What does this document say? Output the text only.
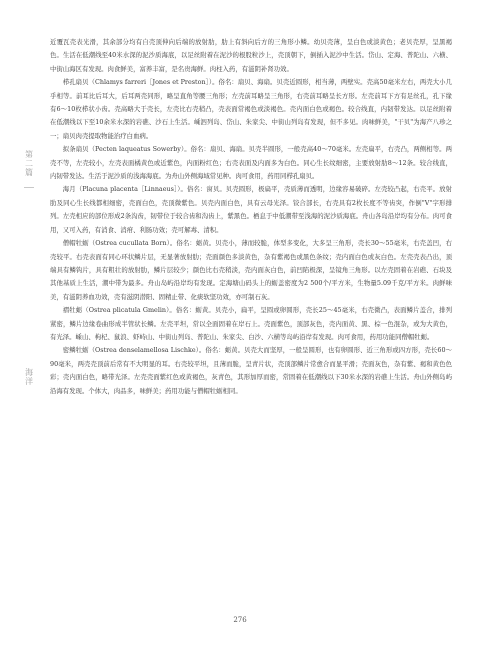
第二篇
海洋

近覆瓦壳表光滑，其余部分均有自壳顶伸向后端的放射肋，肋上有斜向后方的三角形小鳞。幼贝壳薄，呈白色或淡黄色；老贝壳厚，呈黑褐色。生活在低潮线至40米水深的泥沙质海底，以足丝附着在泥沙的根股粒沙上，壳顶朝下，倒插入泥沙中生活。岱山、定海、普陀山、六横、中街山海区有发现。肉食鲜美，富养丰富，是名贵海鲜。肉柱入药，有滋阴补肾功效。

栉孔扇贝（Chlamys farreri［Jones et Preston］）。俗名：扇贝、海扇。贝壳近圆形，相当薄，两壁实。壳高50毫米左右，两壳大小几乎相等。前耳比后耳大，后耳两壳同形，略呈直角等腰三角形；左壳前耳略呈三角形，右壳前耳略呈长方形。左壳前耳下方有足丝孔，孔下缘有6～10枚栉状小齿。壳高略大于壳长，左壳比右壳稍凸，壳表面常褐色或淡褐色。壳内面白色或褐色。较合线直，内韧带发达。以足丝附着在低潮线以下至10余米水深的岩礁、沙石上生活。嵊泗列岛、岱山、朱家尖、中街山列岛有发现，但不多见。肉味鲜美，"干贝"为海产八珍之一；扇贝肉壳提取物能治疗白血病。

拟条扇贝（Pecten laqueatus Sowerby）。俗名：扇贝、海扇。贝壳半圆形，一般壳高40～70毫米。左壳扁平，右壳凸，两侧相等。两壳不等，左壳较小，左壳表面橘黄色或近紫色，内面粉红色；右壳表面及内面多为白色。同心生长纹细密，主要放射肋8～12条。较合线直，内韧带发达。生活于泥沙质的浅海海底。为舟山外侧海域常见种。肉可食用，药用同栉孔扇贝。

海月（Placuna placenta［Linnaeus］）。俗名：窗贝。贝壳圆形，极扁平，壳质薄而透明，边缘容易破碎。左壳较凸起，右壳平。放射肋及同心生长线都相细密，壳面白色，壳顶微紫色。贝壳内面白色，具有云母光泽。铰合部长，右壳具有2枚长度不等齿突，作倒"V"字形排列。左壳相应的部位形成2条沟齿，韧带位于较合齿和沟齿上，紫黑色。栖息于中低潮带至浅海的泥沙质海底。舟山各岛沿岸均有分布。肉可食用，又可入药，有消食、消疳、利肠功效；壳可解毒、清积。

僧帽牡蛎（Ostrea cucullata Born）。俗名：蛎黄。贝壳小，薄而较脆，体型多变化，大多呈三角形，壳长30～55毫米，右壳盖凹，右壳较平。右壳表面有同心环状鳞片层，无显著放射肋；壳面颜色多淡黄色，杂有紫褐色或黑色条纹；壳内面白色或灰白色。左壳壳表凸出，顶端具有鳞钩片，具有粗壮的放射肋，鳞片层较少；颜色比右壳稍淡，壳内面灰白色，前凹陷极深，呈镜角三角形。以左壳固着在岩礁、石块及其他基质上生活，潮中带为最多。舟山岛屿沿岸均有发现。定海塘山码头上的蛎盖密度为2 500个/平方米，生物量5.09千克/平方米。肉鲜味美，有滋阴养血功效，壳有滋阴潜阳、固精止带、化痰软坚功效，亦可制石灰。

褶牡蛎（Ostrea plicatula Gmelin）。俗名：蛎黄。贝壳小，扁平，呈圆或卵圆形，壳长25～45毫米，右壳微凸，表面鳞片盖合，排列紧密，鳞片边缘卷曲形成半管状长鳞。左壳平坦，常以全面固着在岸石上。壳面紫色，顶部灰色，壳内面黄、黑、棕一色混杂，或为大黄色，有光泽。嵊山、枸杞、鼠浪、虾峙山、中街山列岛、普陀山、朱家尖、白沙、六横等岛屿沿岸有发现。肉可食用，药用功能同僧帽牡蛎。

密鳞牡蛎（Ostrea denselamellosa Lischke）。俗名：蛎黄。贝壳大而坚厚，一般呈圆形，也有卵圆形、近三角形或四方形，壳长60～90毫米，两壳壳顶前后常有不大明显的耳。右壳较平坦，且薄而脆，呈青片状，壳顶部鳞片常愈合而显平滑；壳面灰色，杂有紫、褐和黄色色彩；壳内面白色，略带光泽。左壳壳面紫红色或黄褐色，灰青色，其形加厚而密，常固着在低潮线以下30米水深的岩礁上生活。舟山外侧岛屿沿海有发现。个体大，肉品多，味鲜美；药用功能与僧帽牡蛎相同。

276
